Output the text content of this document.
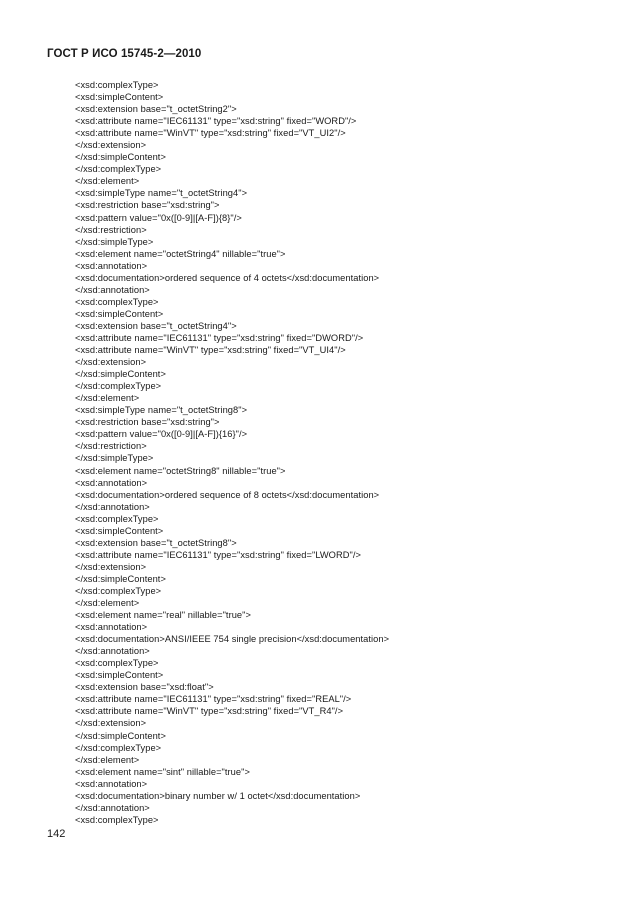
ГОСТ Р ИСО 15745-2—2010
<xsd:complexType>
<xsd:simpleContent>
<xsd:extension base="t_octetString2">
<xsd:attribute name="IEC61131" type="xsd:string" fixed="WORD"/>
<xsd:attribute name="WinVT" type="xsd:string" fixed="VT_UI2"/>
</xsd:extension>
</xsd:simpleContent>
</xsd:complexType>
</xsd:element>
<xsd:simpleType name="t_octetString4">
<xsd:restriction base="xsd:string">
<xsd:pattern value="0x([0-9]|[A-F]){8}"/>
</xsd:restriction>
</xsd:simpleType>
<xsd:element name="octetString4" nillable="true">
<xsd:annotation>
<xsd:documentation>ordered sequence of 4 octets</xsd:documentation>
</xsd:annotation>
<xsd:complexType>
<xsd:simpleContent>
<xsd:extension base="t_octetString4">
<xsd:attribute name="IEC61131" type="xsd:string" fixed="DWORD"/>
<xsd:attribute name="WinVT" type="xsd:string" fixed="VT_UI4"/>
</xsd:extension>
</xsd:simpleContent>
</xsd:complexType>
</xsd:element>
<xsd:simpleType name="t_octetString8">
<xsd:restriction base="xsd:string">
<xsd:pattern value="0x([0-9]|[A-F]){16}"/>
</xsd:restriction>
</xsd:simpleType>
<xsd:element name="octetString8" nillable="true">
<xsd:annotation>
<xsd:documentation>ordered sequence of 8 octets</xsd:documentation>
</xsd:annotation>
<xsd:complexType>
<xsd:simpleContent>
<xsd:extension base="t_octetString8">
<xsd:attribute name="IEC61131" type="xsd:string" fixed="LWORD"/>
</xsd:extension>
</xsd:simpleContent>
</xsd:complexType>
</xsd:element>
<xsd:element name="real" nillable="true">
<xsd:annotation>
<xsd:documentation>ANSI/IEEE 754 single precision</xsd:documentation>
</xsd:annotation>
<xsd:complexType>
<xsd:simpleContent>
<xsd:extension base="xsd:float">
<xsd:attribute name="IEC61131" type="xsd:string" fixed="REAL"/>
<xsd:attribute name="WinVT" type="xsd:string" fixed="VT_R4"/>
</xsd:extension>
</xsd:simpleContent>
</xsd:complexType>
</xsd:element>
<xsd:element name="sint" nillable="true">
<xsd:annotation>
<xsd:documentation>binary number w/ 1 octet</xsd:documentation>
</xsd:annotation>
<xsd:complexType>
142
